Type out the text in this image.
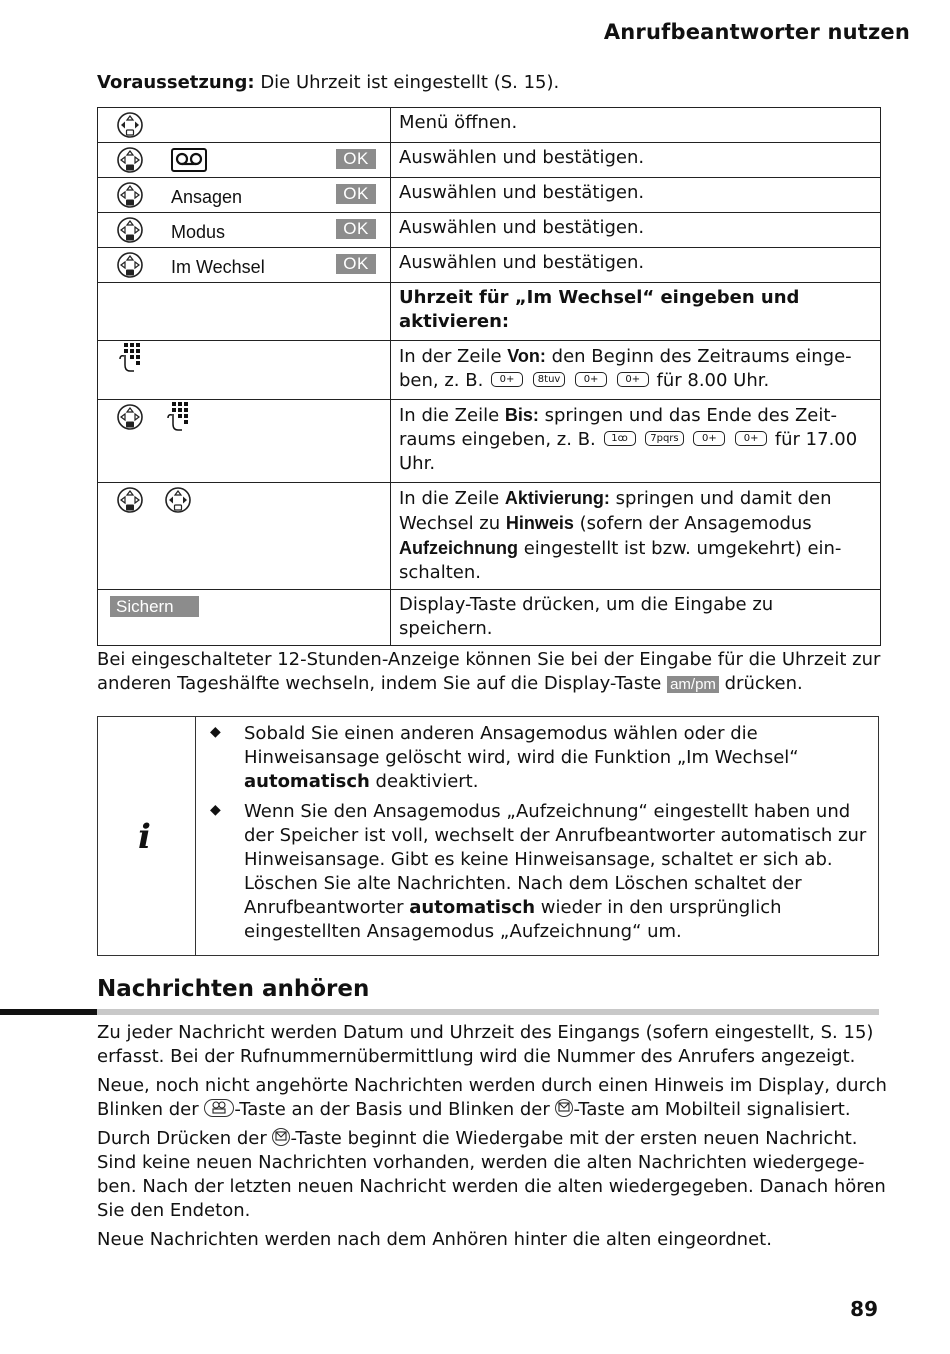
Anrufbeantworter nutzen
Voraussetzung: Die Uhrzeit ist eingestellt (S. 15).
	Menü öffnen.

OK	Auswählen und bestätigen.

Ansagen OK	Auswählen und bestätigen.

Modus OK	Auswählen und bestätigen.

Im Wechsel OK	Auswählen und bestätigen.
	Uhrzeit für „Im Wechsel“ eingeben und aktivieren:

	In der Zeile Von: den Beginn des Zeitraums einge-ben, z. B. 0+ 8tuv 0+ 0+ für 8.00 Uhr.

	In die Zeile Bis: springen und das Ende des Zeit-raums eingeben, z. B. 1ꝏ 7pqrs 0+ 0+ für 17.00 Uhr.

	In die Zeile Aktivierung: springen und damit den Wechsel zu Hinweis (sofern der Ansagemodus Aufzeichnung eingestellt ist bzw. umgekehrt) ein-schalten.

Sichern	Display-Taste drücken, um die Eingabe zu speichern.
Bei eingeschalteter 12-Stunden-Anzeige können Sie bei der Eingabe für die Uhrzeit zur anderen Tageshälfte wechseln, indem Sie auf die Display-Taste am/pm drücken.
i
◆ Sobald Sie einen anderen Ansagemodus wählen oder die Hinweisansage gelöscht wird, wird die Funktion „Im Wechsel“ automatisch deaktiviert.
◆ Wenn Sie den Ansagemodus „Aufzeichnung“ eingestellt haben und der Speicher ist voll, wechselt der Anrufbeantworter automatisch zur Hinweisansage. Gibt es keine Hinweisansage, schaltet er sich ab. Löschen Sie alte Nachrichten. Nach dem Löschen schaltet der Anrufbeantworter automatisch wieder in den ursprünglich eingestellten Ansagemodus „Aufzeichnung“ um.
Nachrichten anhören
Zu jeder Nachricht werden Datum und Uhrzeit des Eingangs (sofern eingestellt, S. 15) erfasst. Bei der Rufnummernübermittlung wird die Nummer des Anrufers angezeigt.
Neue, noch nicht angehörte Nachrichten werden durch einen Hinweis im Display, durch Blinken der -Taste an der Basis und Blinken der -Taste am Mobilteil signalisiert.
Durch Drücken der -Taste beginnt die Wiedergabe mit der ersten neuen Nachricht. Sind keine neuen Nachrichten vorhanden, werden die alten Nachrichten wiedergege-ben. Nach der letzten neuen Nachricht werden die alten wiedergegeben. Danach hören Sie den Endeton.
Neue Nachrichten werden nach dem Anhören hinter die alten eingeordnet.
89
